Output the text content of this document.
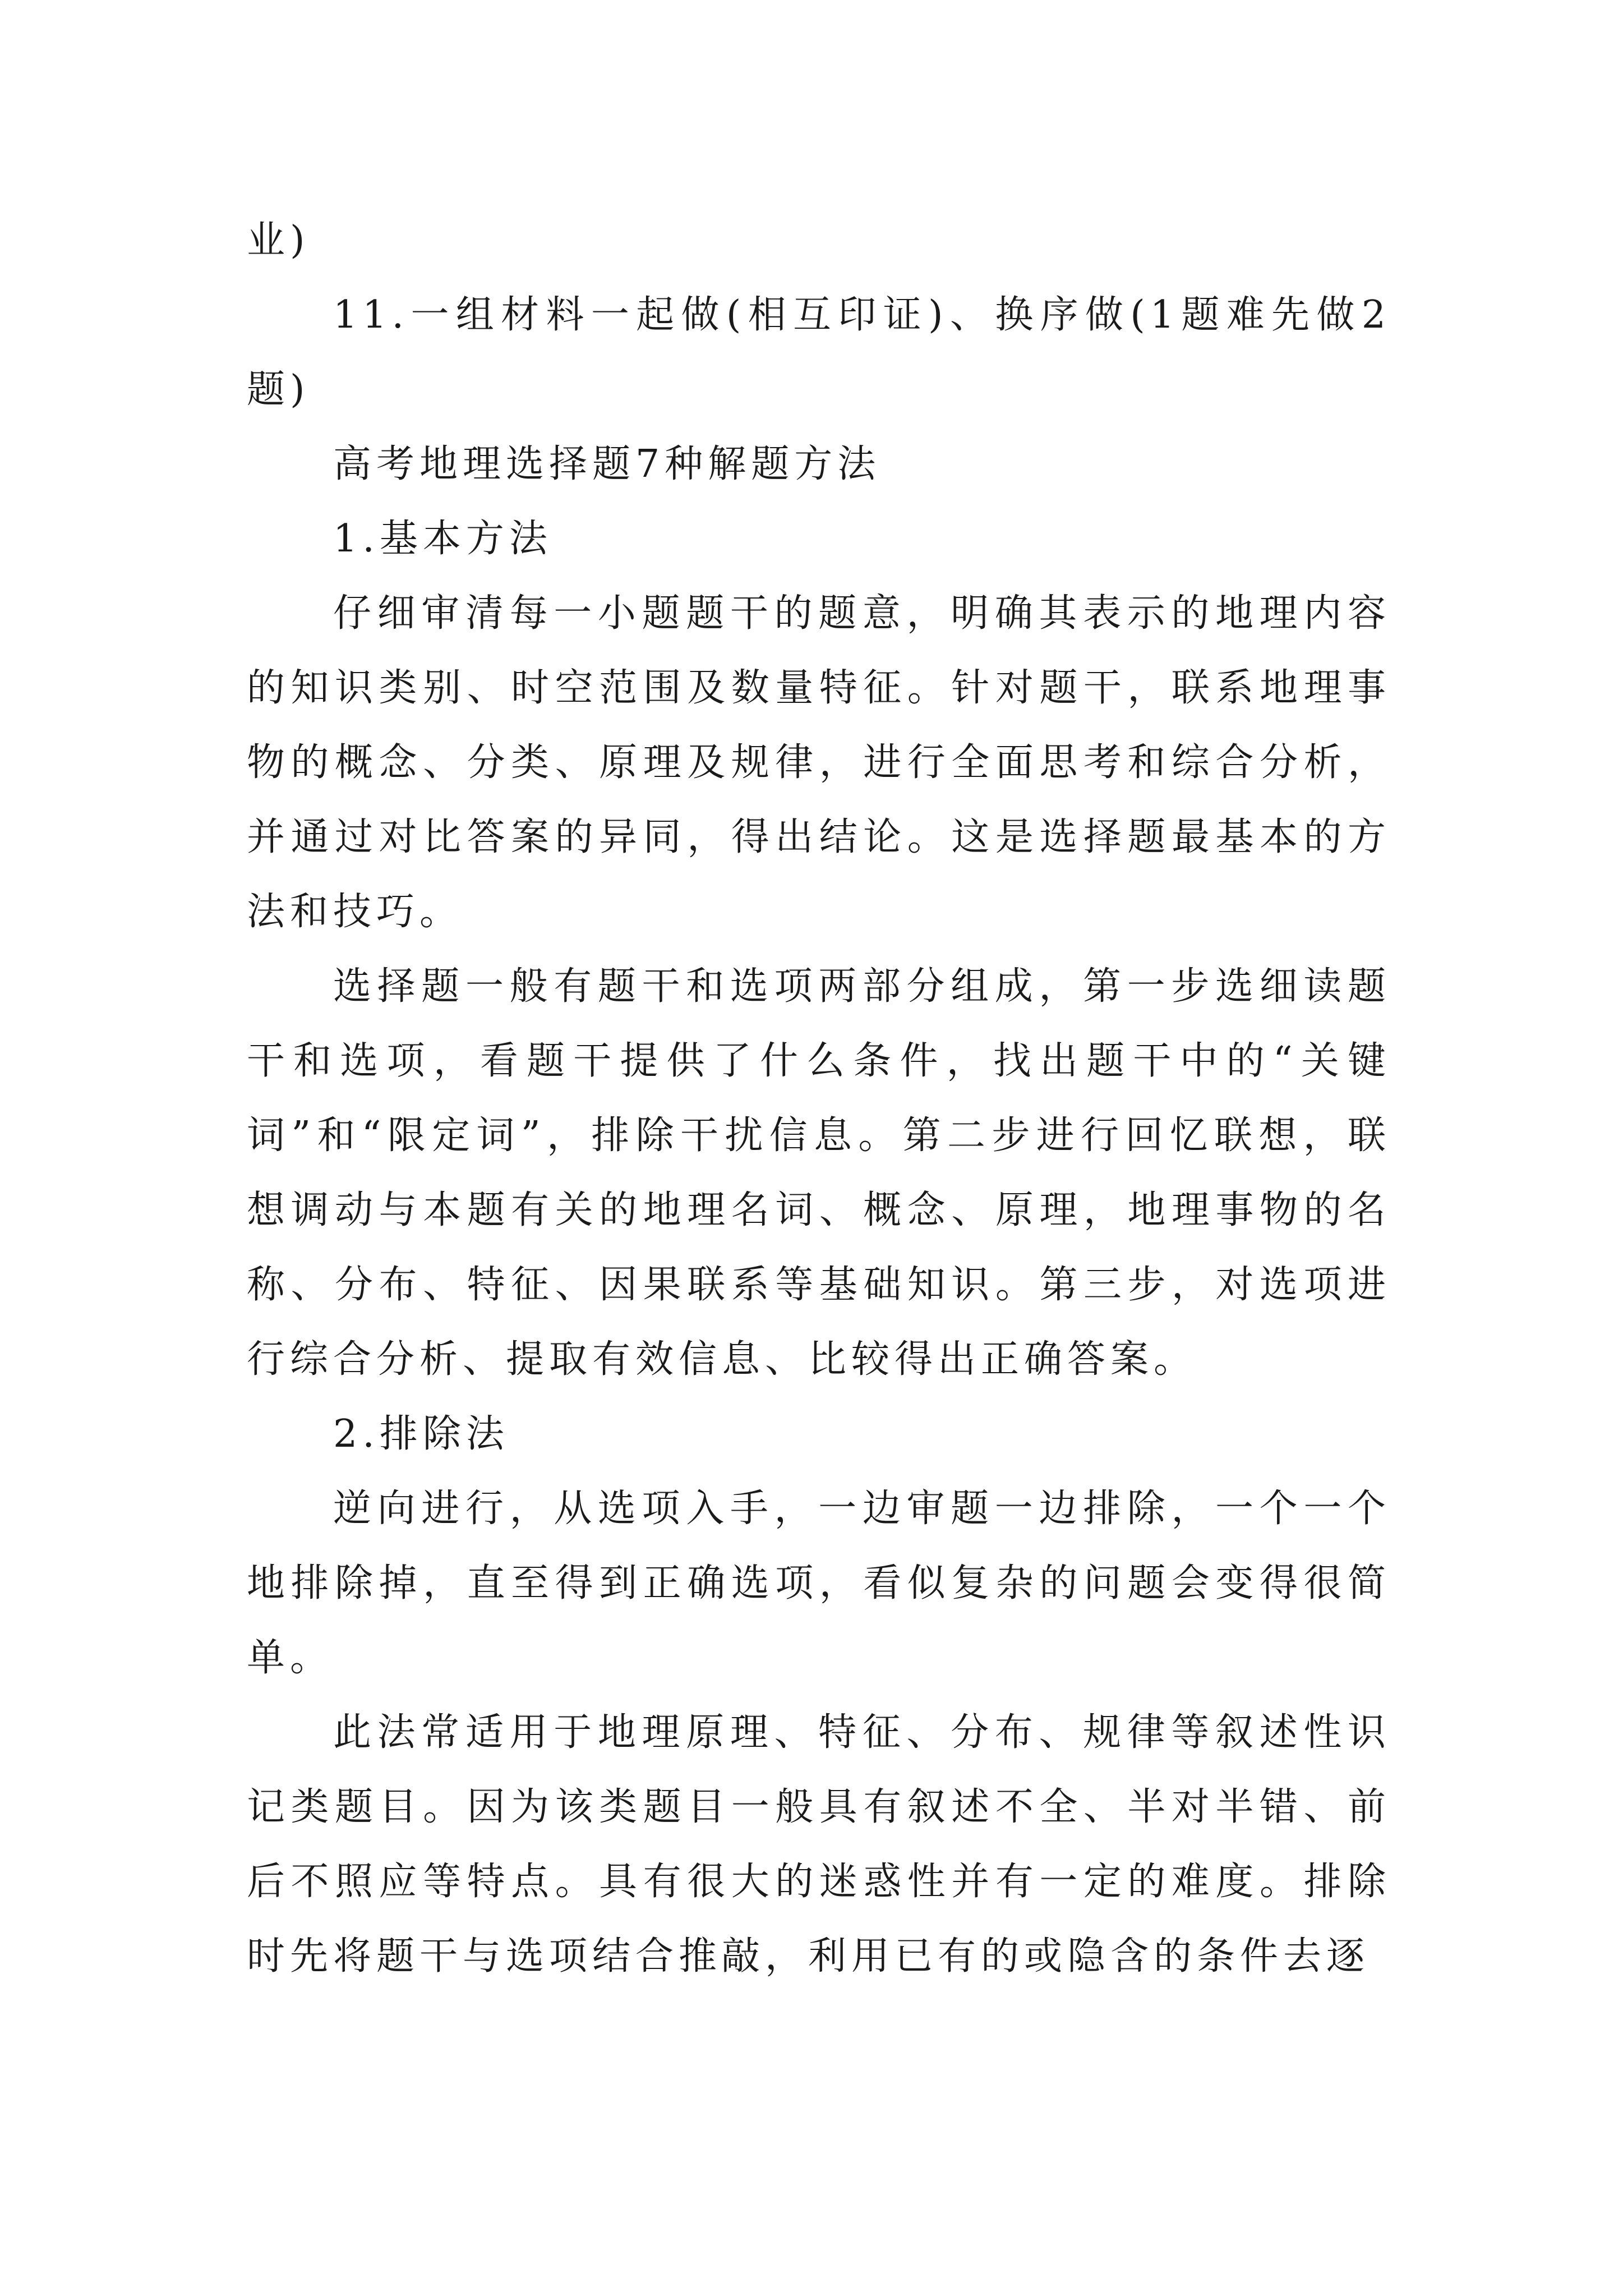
业)

11.一组材料一起做(相互印证)、换序做(1题难先做2题)

高考地理选择题7种解题方法

1.基本方法

仔细审清每一小题题干的题意，明确其表示的地理内容的知识类别、时空范围及数量特征。针对题干，联系地理事物的概念、分类、原理及规律，进行全面思考和综合分析，并通过对比答案的异同，得出结论。这是选择题最基本的方法和技巧。

选择题一般有题干和选项两部分组成，第一步选细读题干和选项，看题干提供了什么条件，找出题干中的“关键词”和“限定词”，排除干扰信息。第二步进行回忆联想，联想调动与本题有关的地理名词、概念、原理，地理事物的名称、分布、特征、因果联系等基础知识。第三步，对选项进行综合分析、提取有效信息、比较得出正确答案。

2.排除法

逆向进行，从选项入手，一边审题一边排除，一个一个地排除掉，直至得到正确选项，看似复杂的问题会变得很简单。

此法常适用于地理原理、特征、分布、规律等叙述性识记类题目。因为该类题目一般具有叙述不全、半对半错、前后不照应等特点。具有很大的迷惑性并有一定的难度。排除时先将题干与选项结合推敲，利用已有的或隐含的条件去逐
